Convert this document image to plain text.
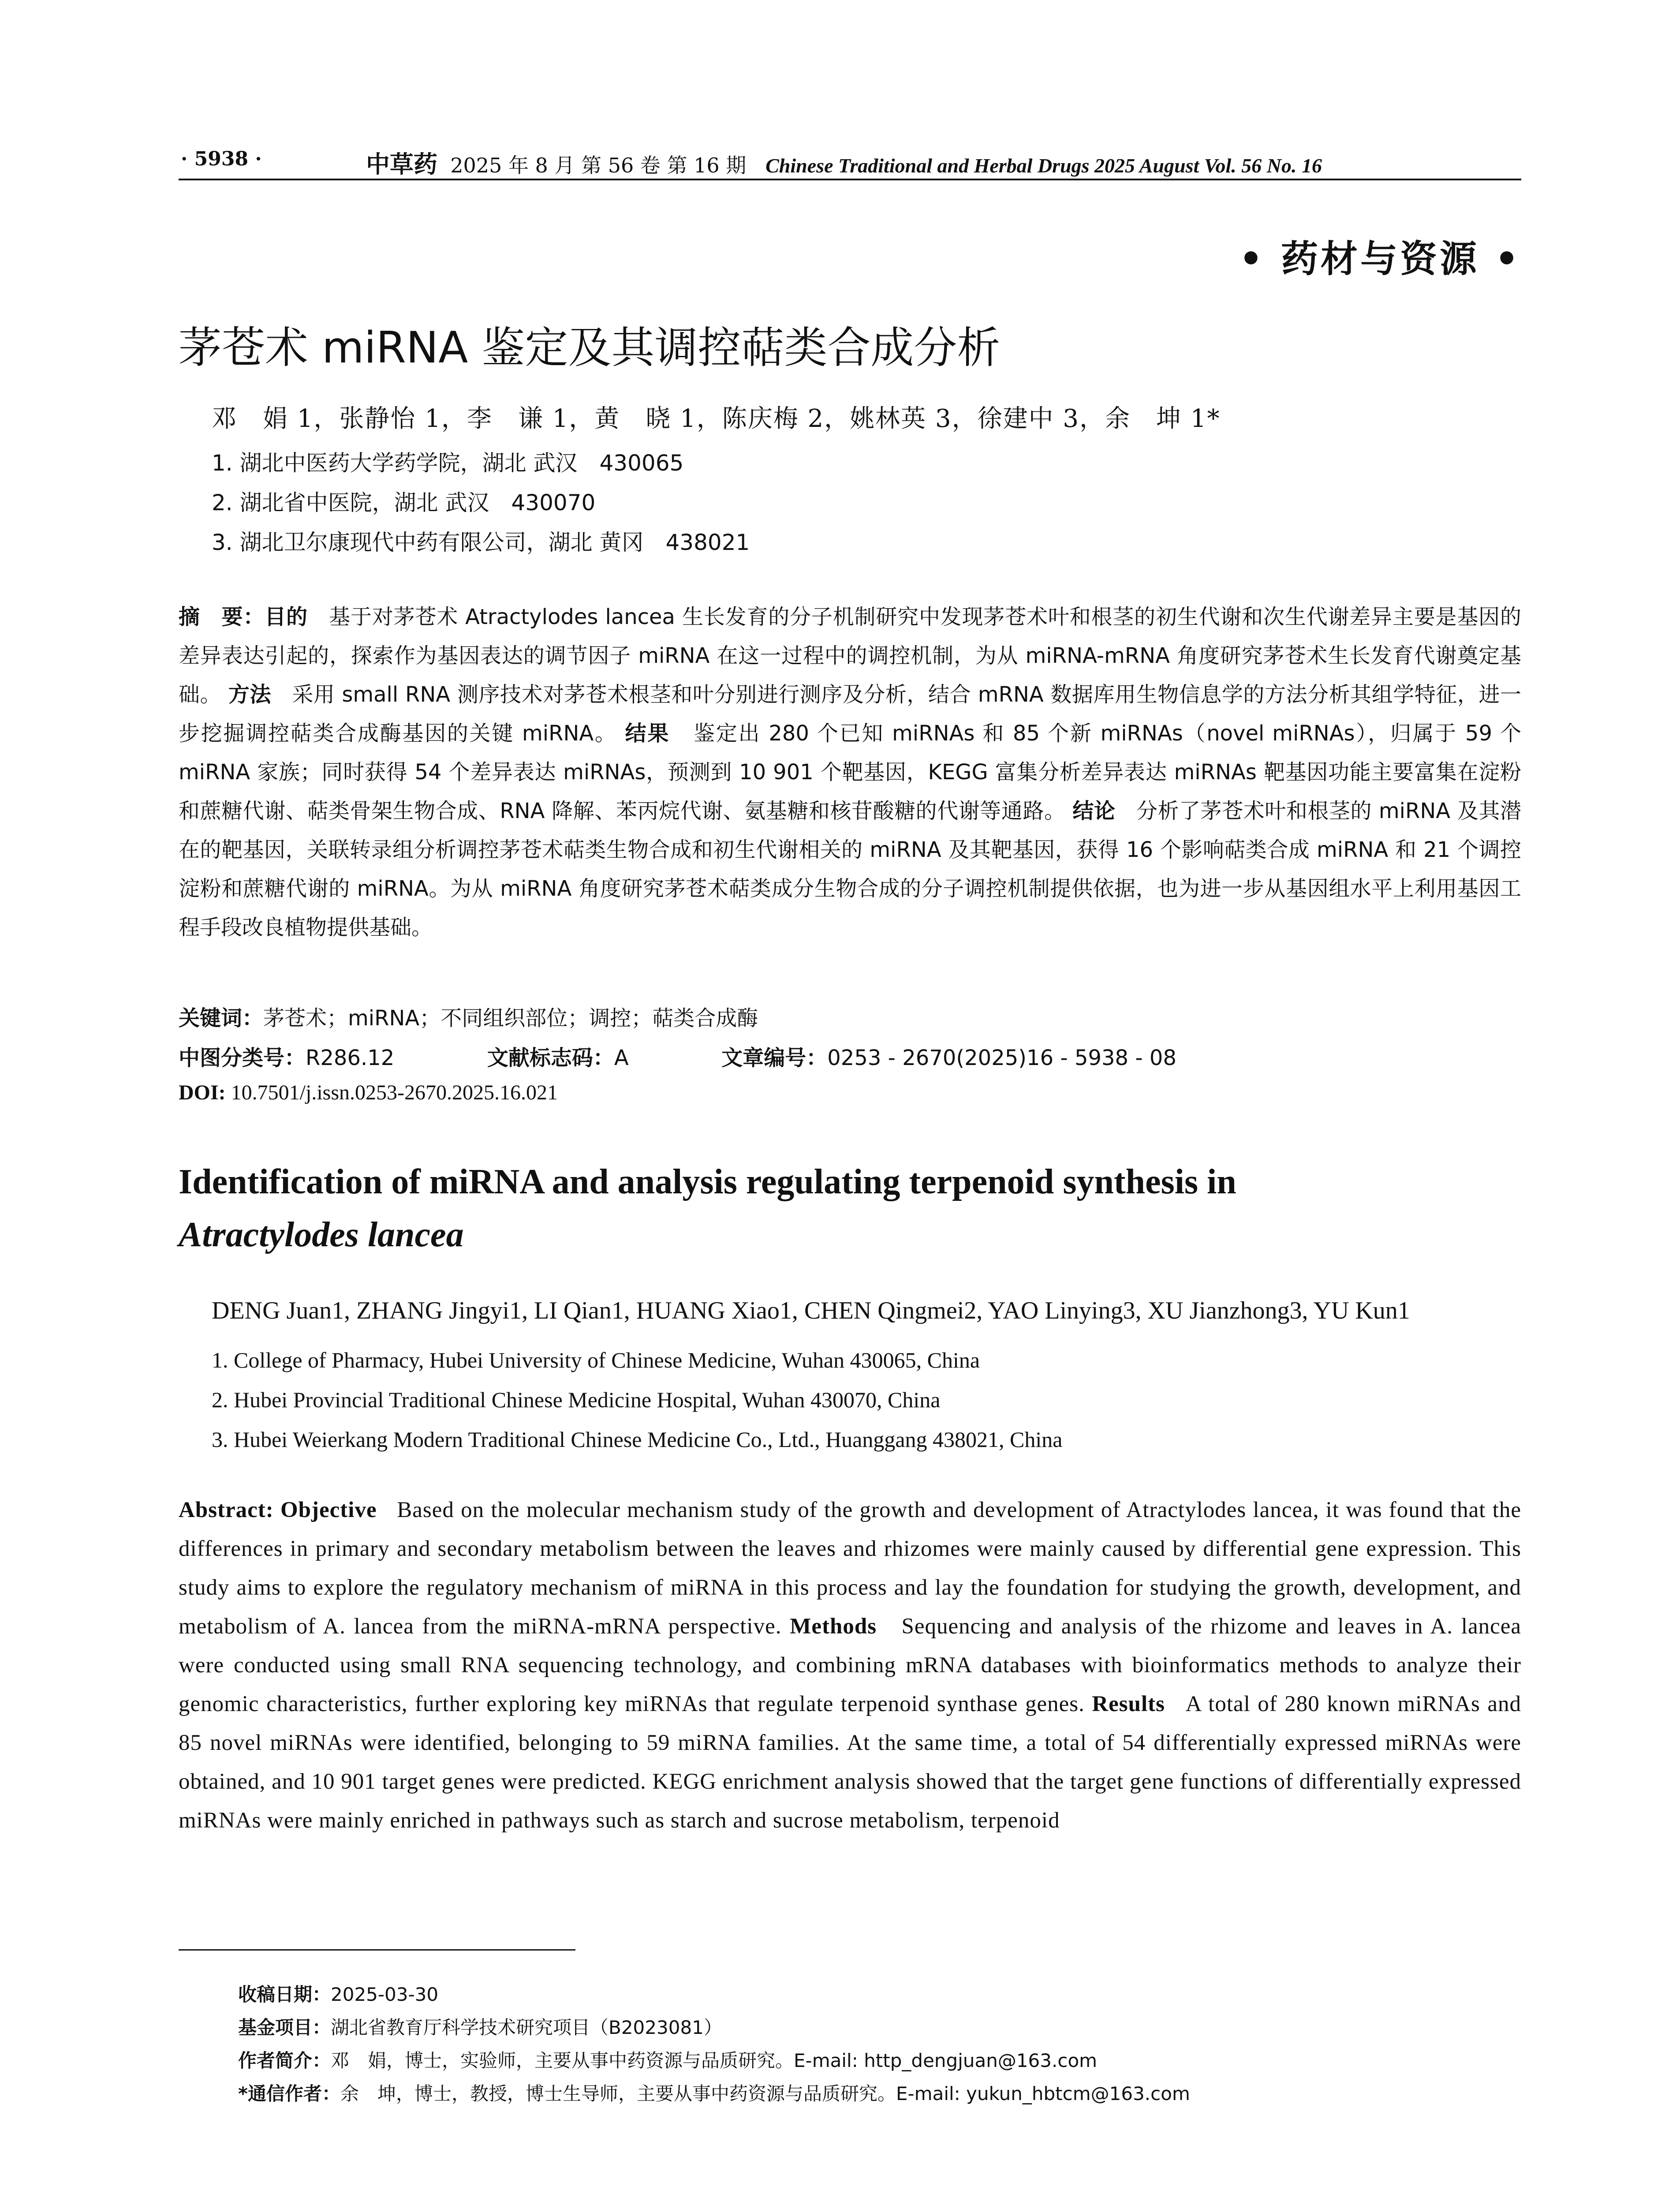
· 5938 ·	中草药 2025 年 8 月 第 56 卷 第 16 期 Chinese Traditional and Herbal Drugs 2025 August Vol. 56 No. 16
• 药材与资源 •
茅苍术 miRNA 鉴定及其调控萜类合成分析
邓　娟 1，张静怡 1，李　谦 1，黄　晓 1，陈庆梅 2，姚林英 3，徐建中 3，余　坤 1*
1. 湖北中医药大学药学院，湖北 武汉　430065
2. 湖北省中医院，湖北 武汉　430070
3. 湖北卫尔康现代中药有限公司，湖北 黄冈　438021
摘　要：目的 基于对茅苍术 Atractylodes lancea 生长发育的分子机制研究中发现茅苍术叶和根茎的初生代谢和次生代谢差异主要是基因的差异表达引起的，探索作为基因表达的调节因子 miRNA 在这一过程中的调控机制，为从 miRNA-mRNA 角度研究茅苍术生长发育代谢奠定基础。 方法 采用 small RNA 测序技术对茅苍术根茎和叶分别进行测序及分析，结合 mRNA 数据库用生物信息学的方法分析其组学特征，进一步挖掘调控萜类合成酶基因的关键 miRNA。 结果 鉴定出 280 个已知 miRNAs 和 85 个新 miRNAs（novel miRNAs），归属于 59 个 miRNA 家族；同时获得 54 个差异表达 miRNAs，预测到 10 901 个靶基因，KEGG 富集分析差异表达 miRNAs 靶基因功能主要富集在淀粉和蔗糖代谢、萜类骨架生物合成、RNA 降解、苯丙烷代谢、氨基糖和核苷酸糖的代谢等通路。 结论 分析了茅苍术叶和根茎的 miRNA 及其潜在的靶基因，关联转录组分析调控茅苍术萜类生物合成和初生代谢相关的 miRNA 及其靶基因，获得 16 个影响萜类合成 miRNA 和 21 个调控淀粉和蔗糖代谢的 miRNA。为从 miRNA 角度研究茅苍术萜类成分生物合成的分子调控机制提供依据，也为进一步从基因组水平上利用基因工程手段改良植物提供基础。
关键词：茅苍术；miRNA；不同组织部位；调控；萜类合成酶
中图分类号：R286.12	文献标志码：A	文章编号：0253 - 2670(2025)16 - 5938 - 08
DOI: 10.7501/j.issn.0253-2670.2025.16.021
Identification of miRNA and analysis regulating terpenoid synthesis in
Atractylodes lancea
DENG Juan1, ZHANG Jingyi1, LI Qian1, HUANG Xiao1, CHEN Qingmei2, YAO Linying3, XU Jianzhong3, YU Kun1
1. College of Pharmacy, Hubei University of Chinese Medicine, Wuhan 430065, China
2. Hubei Provincial Traditional Chinese Medicine Hospital, Wuhan 430070, China
3. Hubei Weierkang Modern Traditional Chinese Medicine Co., Ltd., Huanggang 438021, China
Abstract: Objective Based on the molecular mechanism study of the growth and development of Atractylodes lancea, it was found that the differences in primary and secondary metabolism between the leaves and rhizomes were mainly caused by differential gene expression. This study aims to explore the regulatory mechanism of miRNA in this process and lay the foundation for studying the growth, development, and metabolism of A. lancea from the miRNA-mRNA perspective. Methods Sequencing and analysis of the rhizome and leaves in A. lancea were conducted using small RNA sequencing technology, and combining mRNA databases with bioinformatics methods to analyze their genomic characteristics, further exploring key miRNAs that regulate terpenoid synthase genes. Results A total of 280 known miRNAs and 85 novel miRNAs were identified, belonging to 59 miRNA families. At the same time, a total of 54 differentially expressed miRNAs were obtained, and 10 901 target genes were predicted. KEGG enrichment analysis showed that the target gene functions of differentially expressed miRNAs were mainly enriched in pathways such as starch and sucrose metabolism, terpenoid
收稿日期：2025-03-30
基金项目：湖北省教育厅科学技术研究项目（B2023081）
作者简介：邓　娟，博士，实验师，主要从事中药资源与品质研究。E-mail: http_dengjuan@163.com
*通信作者：余　坤，博士，教授，博士生导师，主要从事中药资源与品质研究。E-mail: yukun_hbtcm@163.com
